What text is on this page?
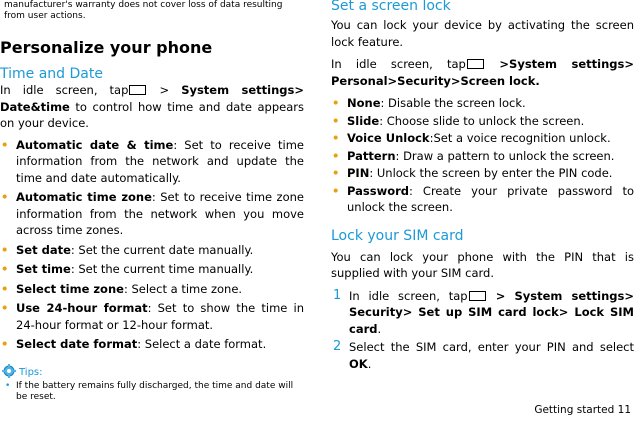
manufacturer's warranty does not cover loss of data resulting from user actions.

Personalize your phone
Time and Date

In idle screen, tap > System settings> Date&time to control how time and date appears on your device.

• Automatic date & time: Set to receive time information from the network and update the time and date automatically.
• Automatic time zone: Set to receive time zone information from the network when you move across time zones.
• Set date: Set the current date manually.
• Set time: Set the current time manually.
• Select time zone: Select a time zone.
• Use 24-hour format: Set to show the time in 24-hour format or 12-hour format.
• Select date format: Select a date format.
Tips:
• If the battery remains fully discharged, the time and date will be reset.
Set a screen lock

You can lock your device by activating the screen lock feature.

In idle screen, tap >System settings> Personal>Security>Screen lock.

• None: Disable the screen lock.
• Slide: Choose slide to unlock the screen.
• Voice Unlock:Set a voice recognition unlock.
• Pattern: Draw a pattern to unlock the screen.
• PIN: Unlock the screen by enter the PIN code.
• Password: Create your private password to unlock the screen.
Lock your SIM card

You can lock your phone with the PIN that is supplied with your SIM card.

1 In idle screen, tap > System settings> Security> Set up SIM card lock> Lock SIM card.
2 Select the SIM card, enter your PIN and select OK.
Getting started 11
